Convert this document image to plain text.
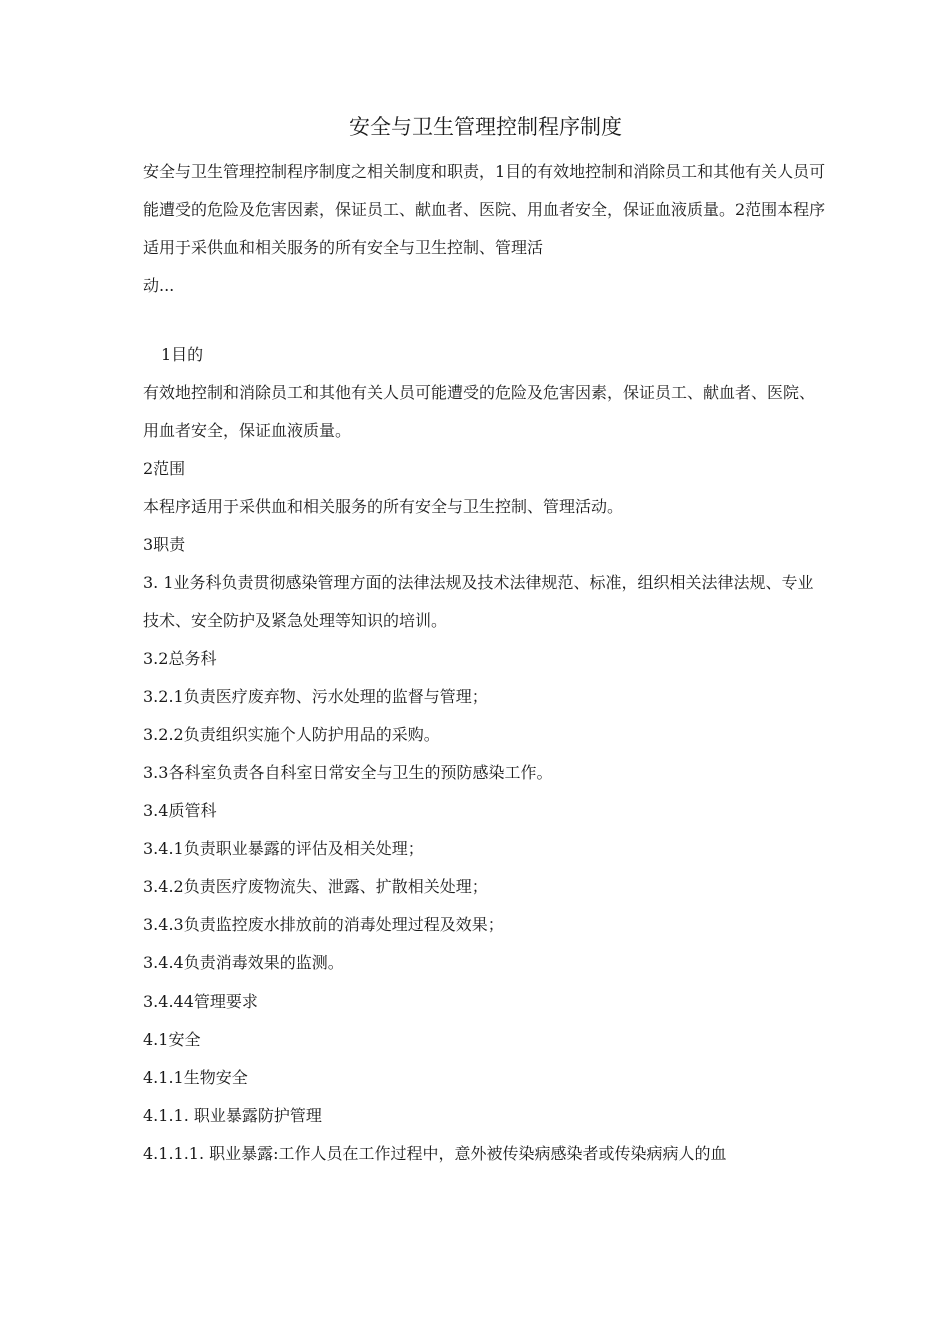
安全与卫生管理控制程序制度
安全与卫生管理控制程序制度之相关制度和职责，1目的有效地控制和消除员工和其他有关人员可能遭受的危险及危害因素，保证员工、献血者、医院、用血者安全，保证血液质量。2范围本程序适用于采供血和相关服务的所有安全与卫生控制、管理活
动...
1目的
有效地控制和消除员工和其他有关人员可能遭受的危险及危害因素，保证员工、献血者、医院、用血者安全，保证血液质量。
2范围
本程序适用于采供血和相关服务的所有安全与卫生控制、管理活动。
3职责
3. 1业务科负责贯彻感染管理方面的法律法规及技术法律规范、标准，组织相关法律法规、专业技术、安全防护及紧急处理等知识的培训。
3.2总务科
3.2.1负责医疗废弃物、污水处理的监督与管理；
3.2.2负责组织实施个人防护用品的采购。
3.3各科室负责各自科室日常安全与卫生的预防感染工作。
3.4质管科
3.4.1负责职业暴露的评估及相关处理；
3.4.2负责医疗废物流失、泄露、扩散相关处理；
3.4.3负责监控废水排放前的消毒处理过程及效果；
3.4.4负责消毒效果的监测。
3.4.44管理要求
4.1安全
4.1.1生物安全
4.1.1. 职业暴露防护管理
4.1.1.1. 职业暴露:工作人员在工作过程中，意外被传染病感染者或传染病病人的血
